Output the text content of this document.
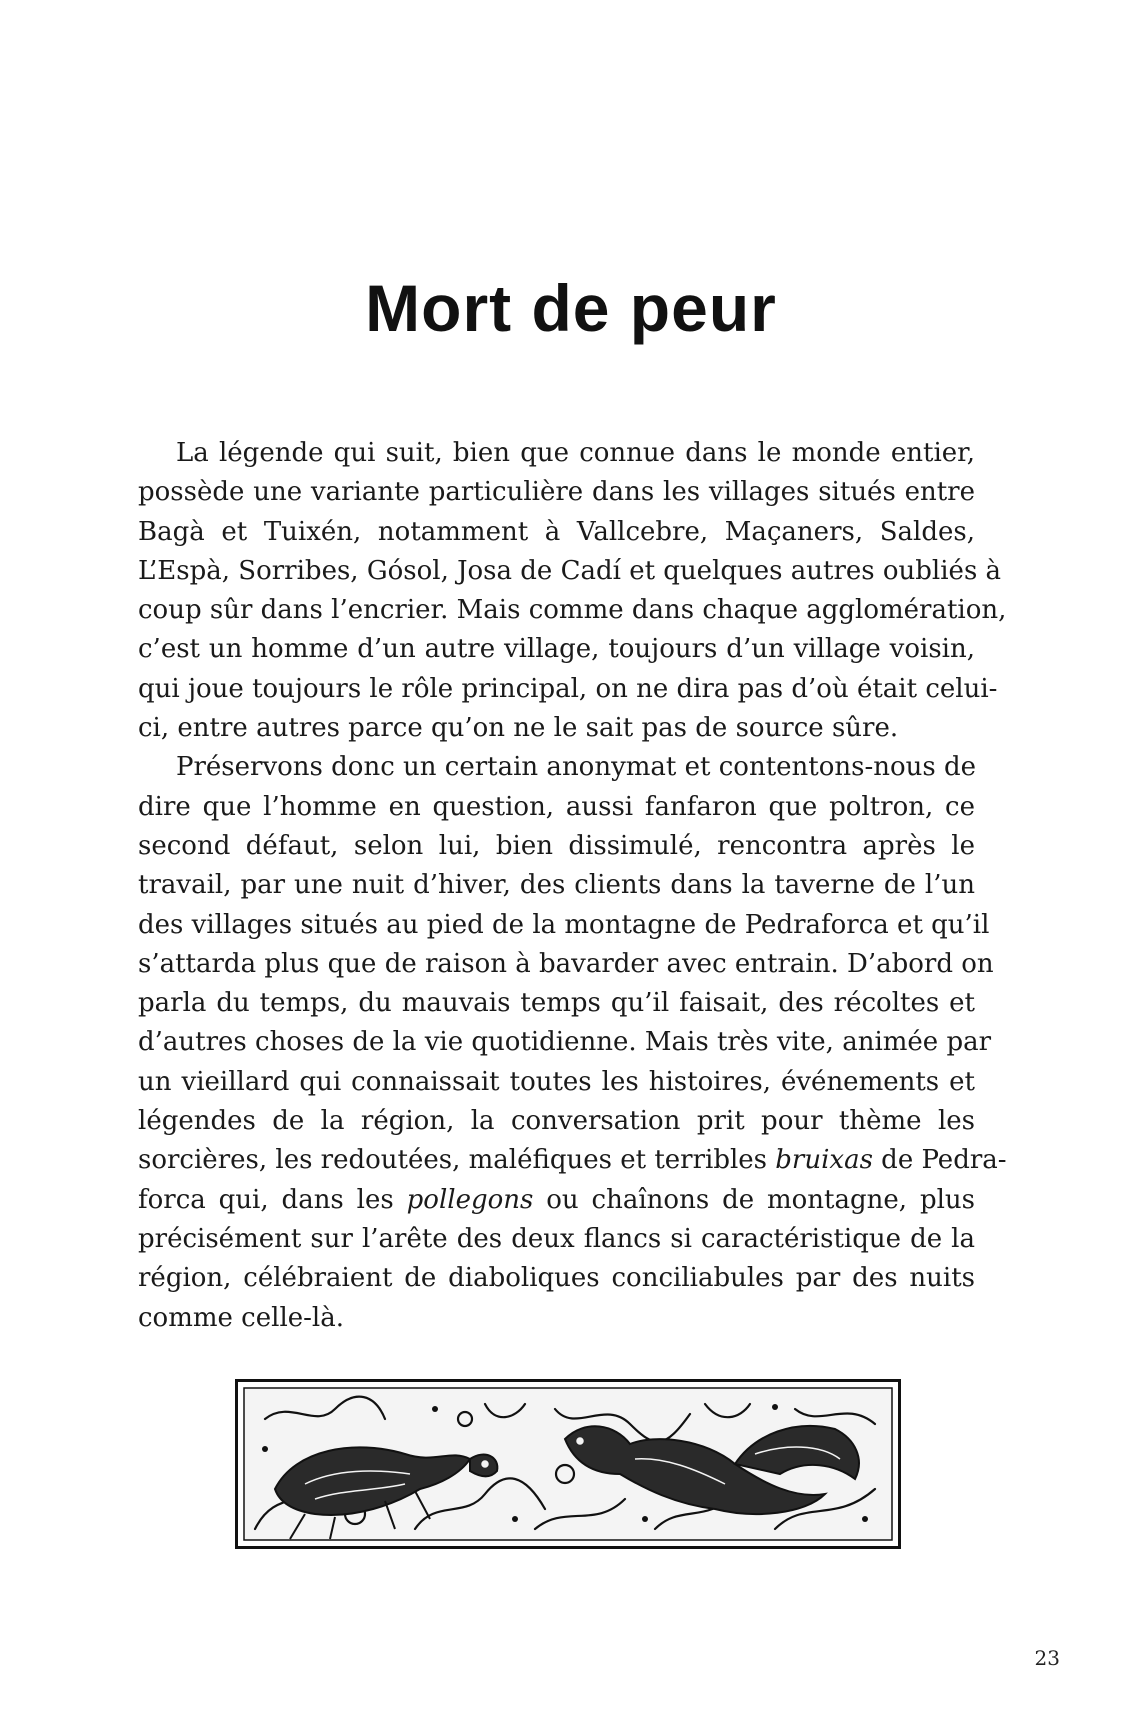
Mort de peur

La légende qui suit, bien que connue dans le monde entier,
possède une variante particulière dans les villages situés entre
Bagà et Tuixén, notamment à Vallcebre, Maçaners, Saldes,
L’Espà, Sorribes, Gósol, Josa de Cadí et quelques autres oubliés à
coup sûr dans l’encrier. Mais comme dans chaque agglomération,
c’est un homme d’un autre village, toujours d’un village voisin,
qui joue toujours le rôle principal, on ne dira pas d’où était celui-
ci, entre autres parce qu’on ne le sait pas de source sûre.

Préservons donc un certain anonymat et contentons-nous de
dire que l’homme en question, aussi fanfaron que poltron, ce
second défaut, selon lui, bien dissimulé, rencontra après le
travail, par une nuit d’hiver, des clients dans la taverne de l’un
des villages situés au pied de la montagne de Pedraforca et qu’il
s’attarda plus que de raison à bavarder avec entrain. D’abord on
parla du temps, du mauvais temps qu’il faisait, des récoltes et
d’autres choses de la vie quotidienne. Mais très vite, animée par
un vieillard qui connaissait toutes les histoires, événements et
légendes de la région, la conversation prit pour thème les
sorcières, les redoutées, maléfiques et terribles bruixas de Pedra-
forca qui, dans les pollegons ou chaînons de montagne, plus
précisément sur l’arête des deux flancs si caractéristique de la
région, célébraient de diaboliques conciliabules par des nuits
comme celle-là.

23
